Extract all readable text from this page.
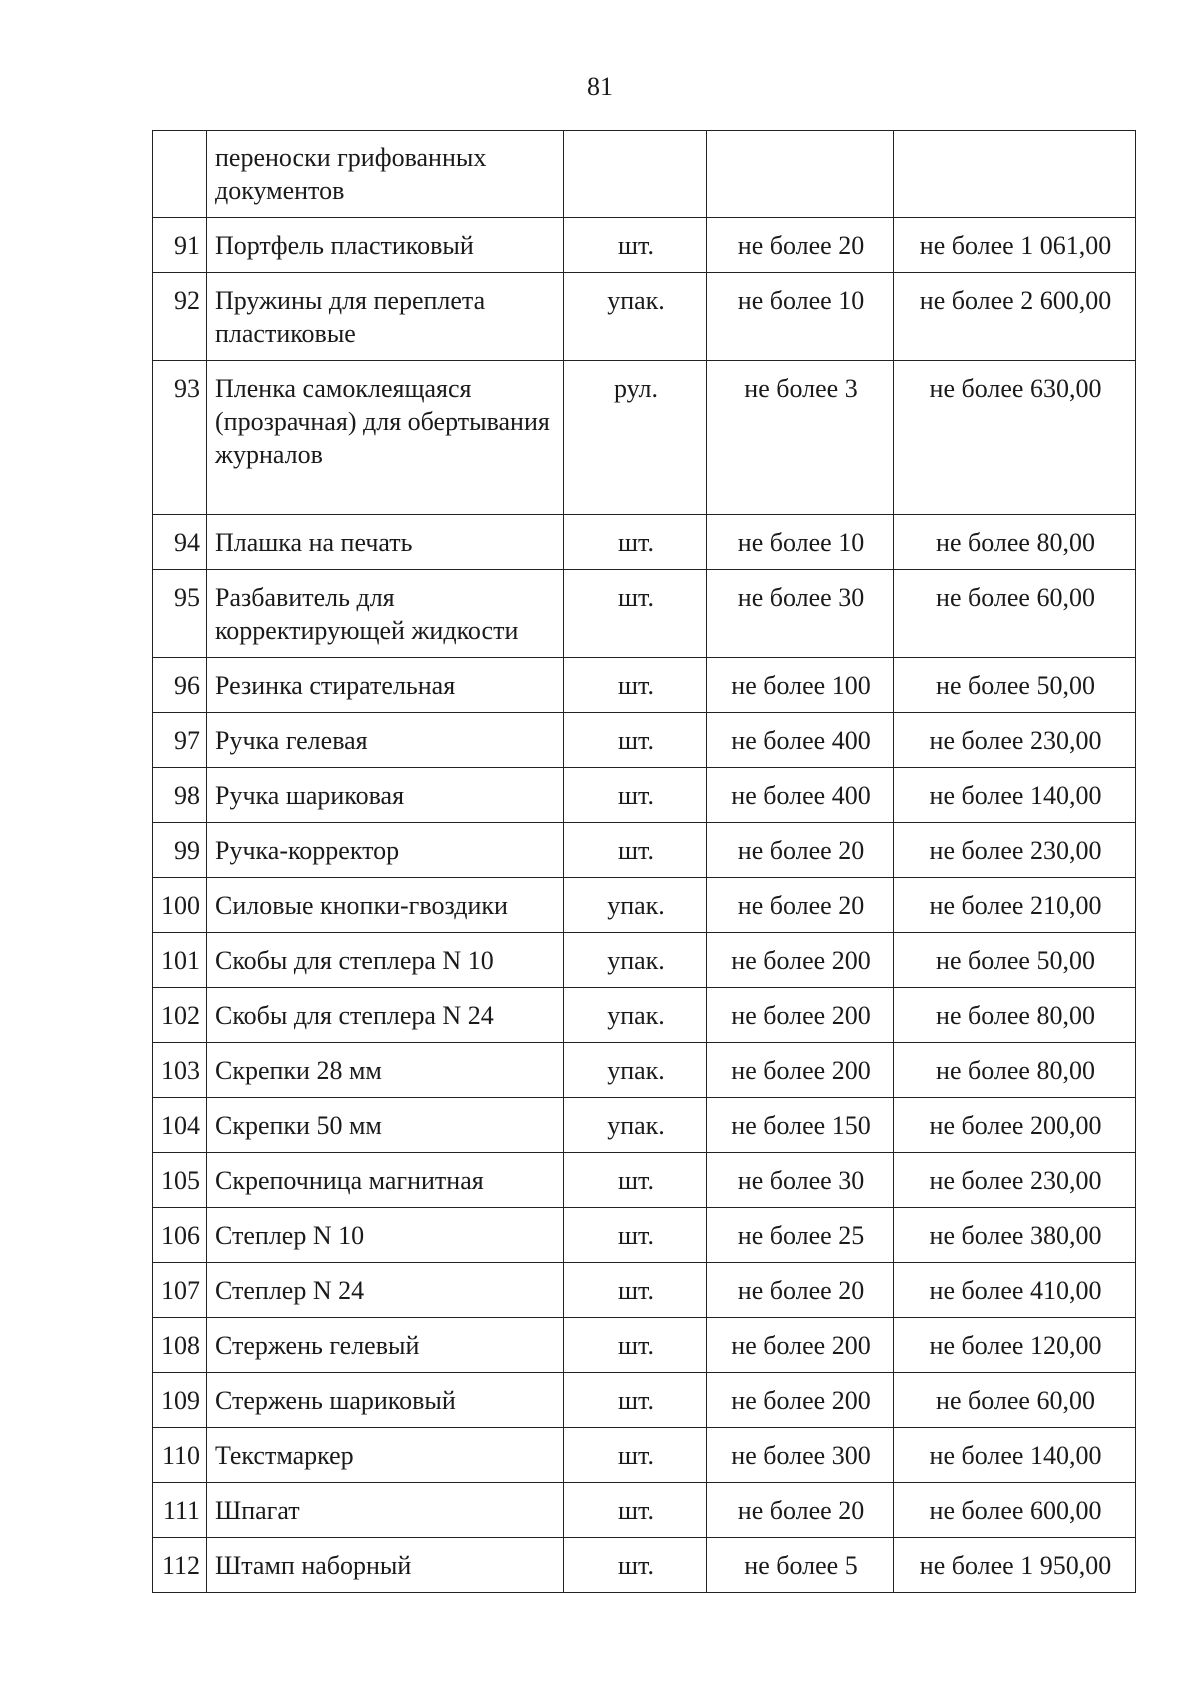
81
	переноски грифованных документов			
91	Портфель пластиковый	шт.	не более 20	не более 1 061,00
92	Пружины для переплета пластиковые	упак.	не более 10	не более 2 600,00
93	Пленка самоклеящаяся (прозрачная) для обертывания журналов	рул.	не более 3	не более 630,00
94	Плашка на печать	шт.	не более 10	не более 80,00
95	Разбавитель для корректирующей жидкости	шт.	не более 30	не более 60,00
96	Резинка стирательная	шт.	не более 100	не более 50,00
97	Ручка гелевая	шт.	не более 400	не более 230,00
98	Ручка шариковая	шт.	не более 400	не более 140,00
99	Ручка-корректор	шт.	не более 20	не более 230,00
100	Силовые кнопки-гвоздики	упак.	не более 20	не более 210,00
101	Скобы для степлера N 10	упак.	не более 200	не более 50,00
102	Скобы для степлера N 24	упак.	не более 200	не более 80,00
103	Скрепки 28 мм	упак.	не более 200	не более 80,00
104	Скрепки 50 мм	упак.	не более 150	не более 200,00
105	Скрепочница магнитная	шт.	не более 30	не более 230,00
106	Степлер N 10	шт.	не более 25	не более 380,00
107	Степлер N 24	шт.	не более 20	не более 410,00
108	Стержень гелевый	шт.	не более 200	не более 120,00
109	Стержень шариковый	шт.	не более 200	не более 60,00
110	Текстмаркер	шт.	не более 300	не более 140,00
111	Шпагат	шт.	не более 20	не более 600,00
112	Штамп наборный	шт.	не более 5	не более 1 950,00
